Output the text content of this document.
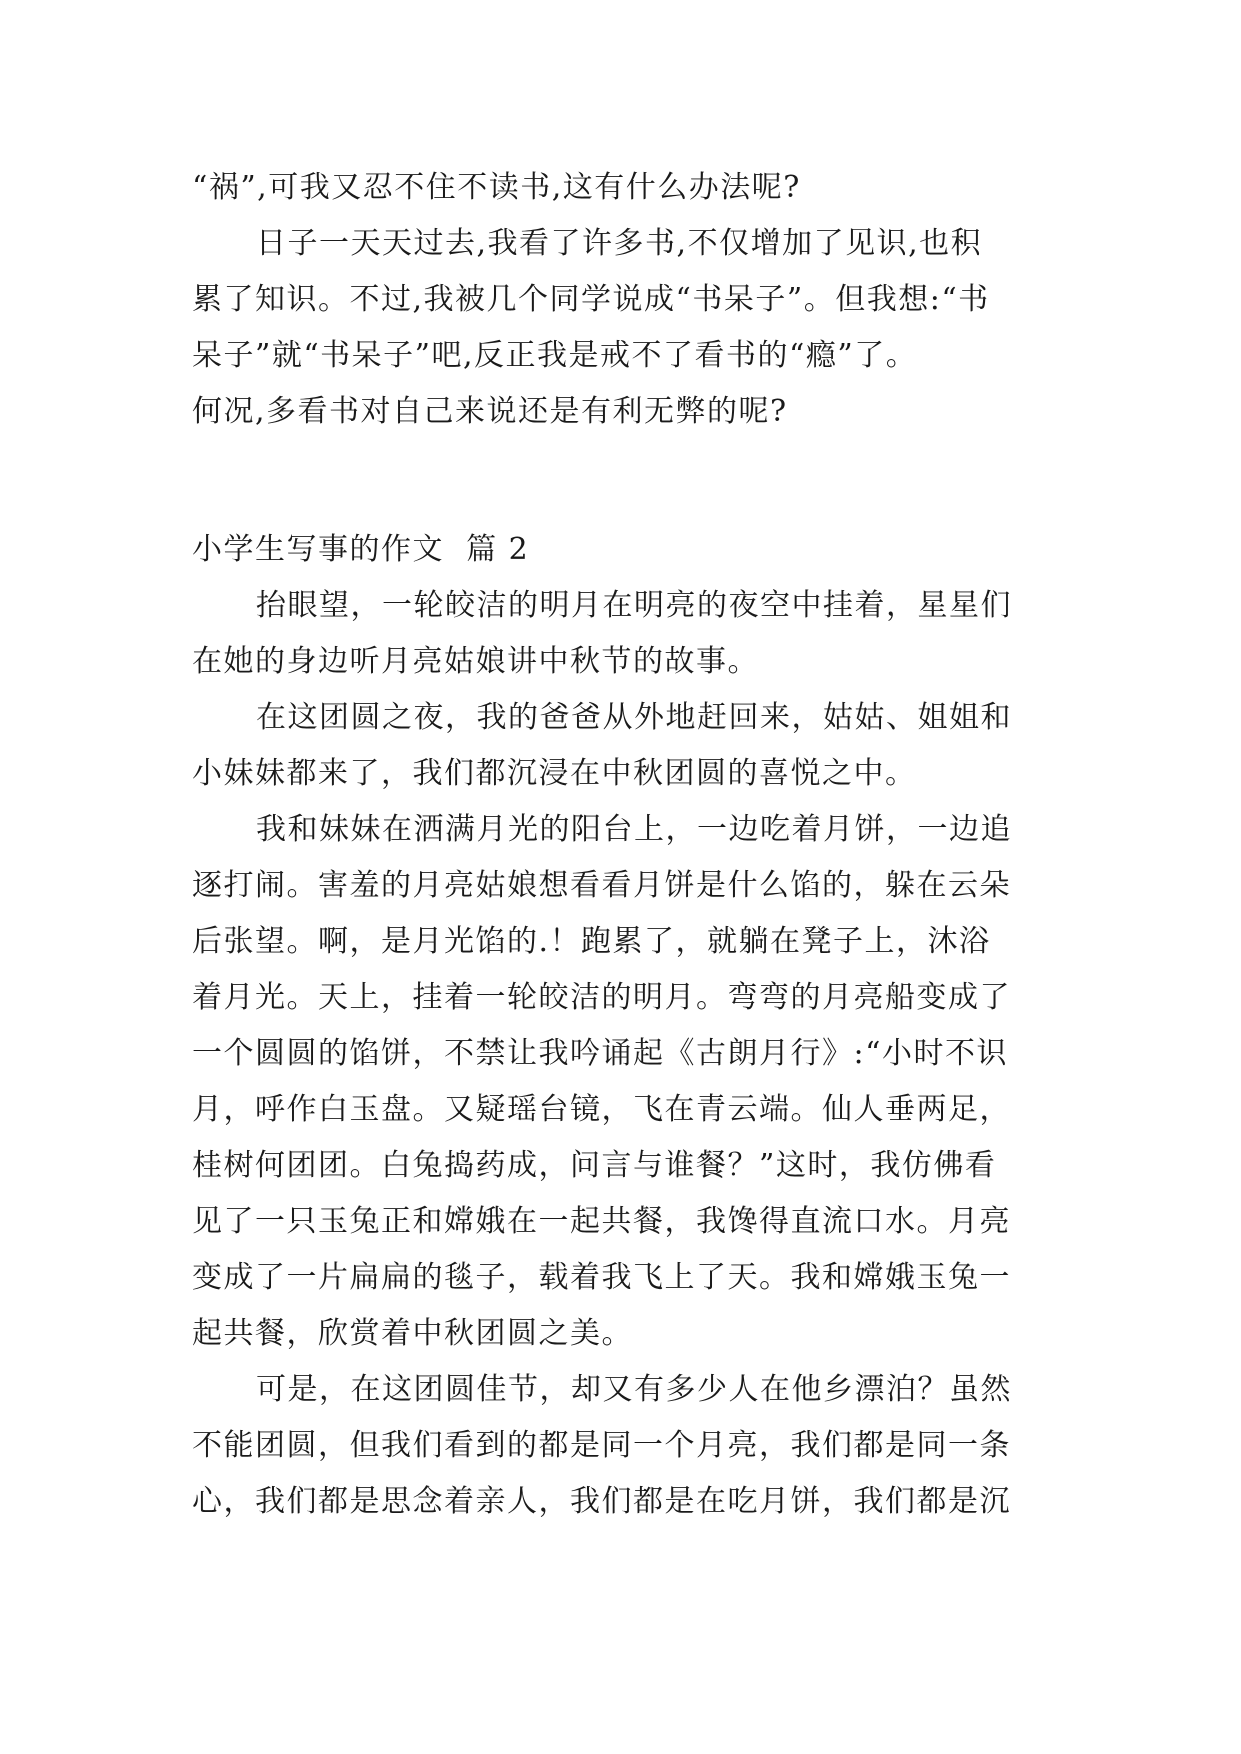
“祸”,可我又忍不住不读书,这有什么办法呢?
日子一天天过去,我看了许多书,不仅增加了见识,也积
累了知识。不过,我被几个同学说成“书呆子”。但我想:“书
呆子”就“书呆子”吧,反正我是戒不了看书的“瘾”了。
何况,多看书对自己来说还是有利无弊的呢?
小学生写事的作文  篇 2
抬眼望，一轮皎洁的明月在明亮的夜空中挂着，星星们
在她的身边听月亮姑娘讲中秋节的故事。
在这团圆之夜，我的爸爸从外地赶回来，姑姑、姐姐和
小妹妹都来了，我们都沉浸在中秋团圆的喜悦之中。
我和妹妹在洒满月光的阳台上，一边吃着月饼，一边追
逐打闹。害羞的月亮姑娘想看看月饼是什么馅的，躲在云朵
后张望。啊，是月光馅的.！跑累了，就躺在凳子上，沐浴
着月光。天上，挂着一轮皎洁的明月。弯弯的月亮船变成了
一个圆圆的馅饼，不禁让我吟诵起《古朗月行》:“小时不识
月，呼作白玉盘。又疑瑶台镜，飞在青云端。仙人垂两足，
桂树何团团。白兔捣药成，问言与谁餐？”这时，我仿佛看
见了一只玉兔正和嫦娥在一起共餐，我馋得直流口水。月亮
变成了一片扁扁的毯子，载着我飞上了天。我和嫦娥玉兔一
起共餐，欣赏着中秋团圆之美。
可是，在这团圆佳节，却又有多少人在他乡漂泊？虽然
不能团圆，但我们看到的都是同一个月亮，我们都是同一条
心，我们都是思念着亲人，我们都是在吃月饼，我们都是沉
